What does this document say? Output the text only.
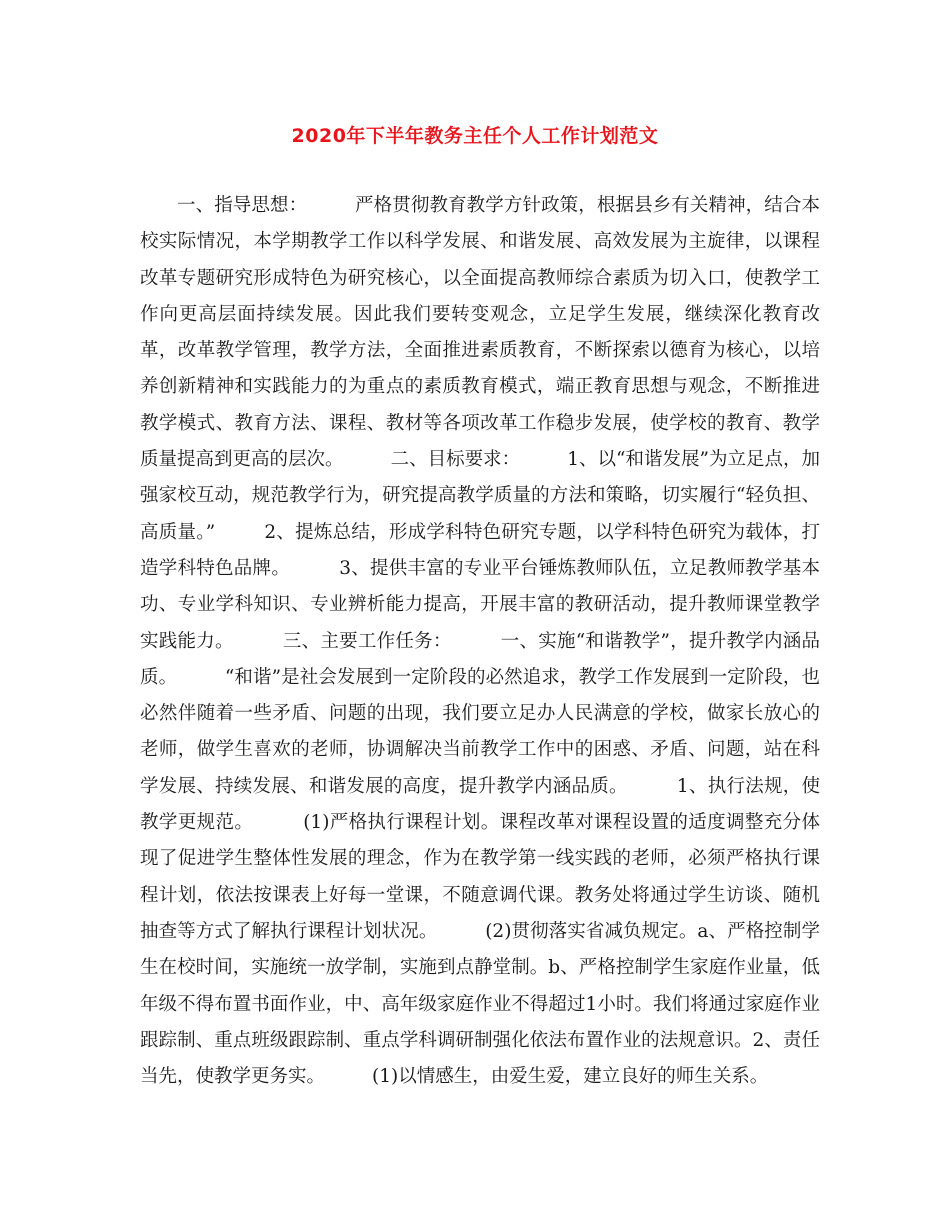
2020年下半年教务主任个人工作计划范文
一、指导思想：        严格贯彻教育教学方针政策，根据县乡有关精神，结合本校实际情况，本学期教学工作以科学发展、和谐发展、高效发展为主旋律，以课程改革专题研究形成特色为研究核心，以全面提高教师综合素质为切入口，使教学工作向更高层面持续发展。因此我们要转变观念，立足学生发展，继续深化教育改革，改革教学管理，教学方法，全面推进素质教育，不断探索以德育为核心，以培养创新精神和实践能力的为重点的素质教育模式，端正教育思想与观念，不断推进教学模式、教育方法、课程、教材等各项改革工作稳步发展，使学校的教育、教学质量提高到更高的层次。        二、目标要求：        1、以“和谐发展”为立足点，加强家校互动，规范教学行为，研究提高教学质量的方法和策略，切实履行“轻负担、高质量。”        2、提炼总结，形成学科特色研究专题，以学科特色研究为载体，打造学科特色品牌。        3、提供丰富的专业平台锤炼教师队伍，立足教师教学基本功、专业学科知识、专业辨析能力提高，开展丰富的教研活动，提升教师课堂教学实践能力。        三、主要工作任务：        一、实施“和谐教学”，提升教学内涵品质。        “和谐”是社会发展到一定阶段的必然追求，教学工作发展到一定阶段，也必然伴随着一些矛盾、问题的出现，我们要立足办人民满意的学校，做家长放心的老师，做学生喜欢的老师，协调解决当前教学工作中的困惑、矛盾、问题，站在科学发展、持续发展、和谐发展的高度，提升教学内涵品质。        1、执行法规，使教学更规范。        (1)严格执行课程计划。课程改革对课程设置的适度调整充分体现了促进学生整体性发展的理念，作为在教学第一线实践的老师，必须严格执行课程计划，依法按课表上好每一堂课，不随意调代课。教务处将通过学生访谈、随机抽查等方式了解执行课程计划状况。        (2)贯彻落实省减负规定。a、严格控制学生在校时间，实施统一放学制，实施到点静堂制。b、严格控制学生家庭作业量，低年级不得布置书面作业，中、高年级家庭作业不得超过1小时。我们将通过家庭作业跟踪制、重点班级跟踪制、重点学科调研制强化依法布置作业的法规意识。2、责任当先，使教学更务实。        (1)以情感生，由爱生爱，建立良好的师生关系。
